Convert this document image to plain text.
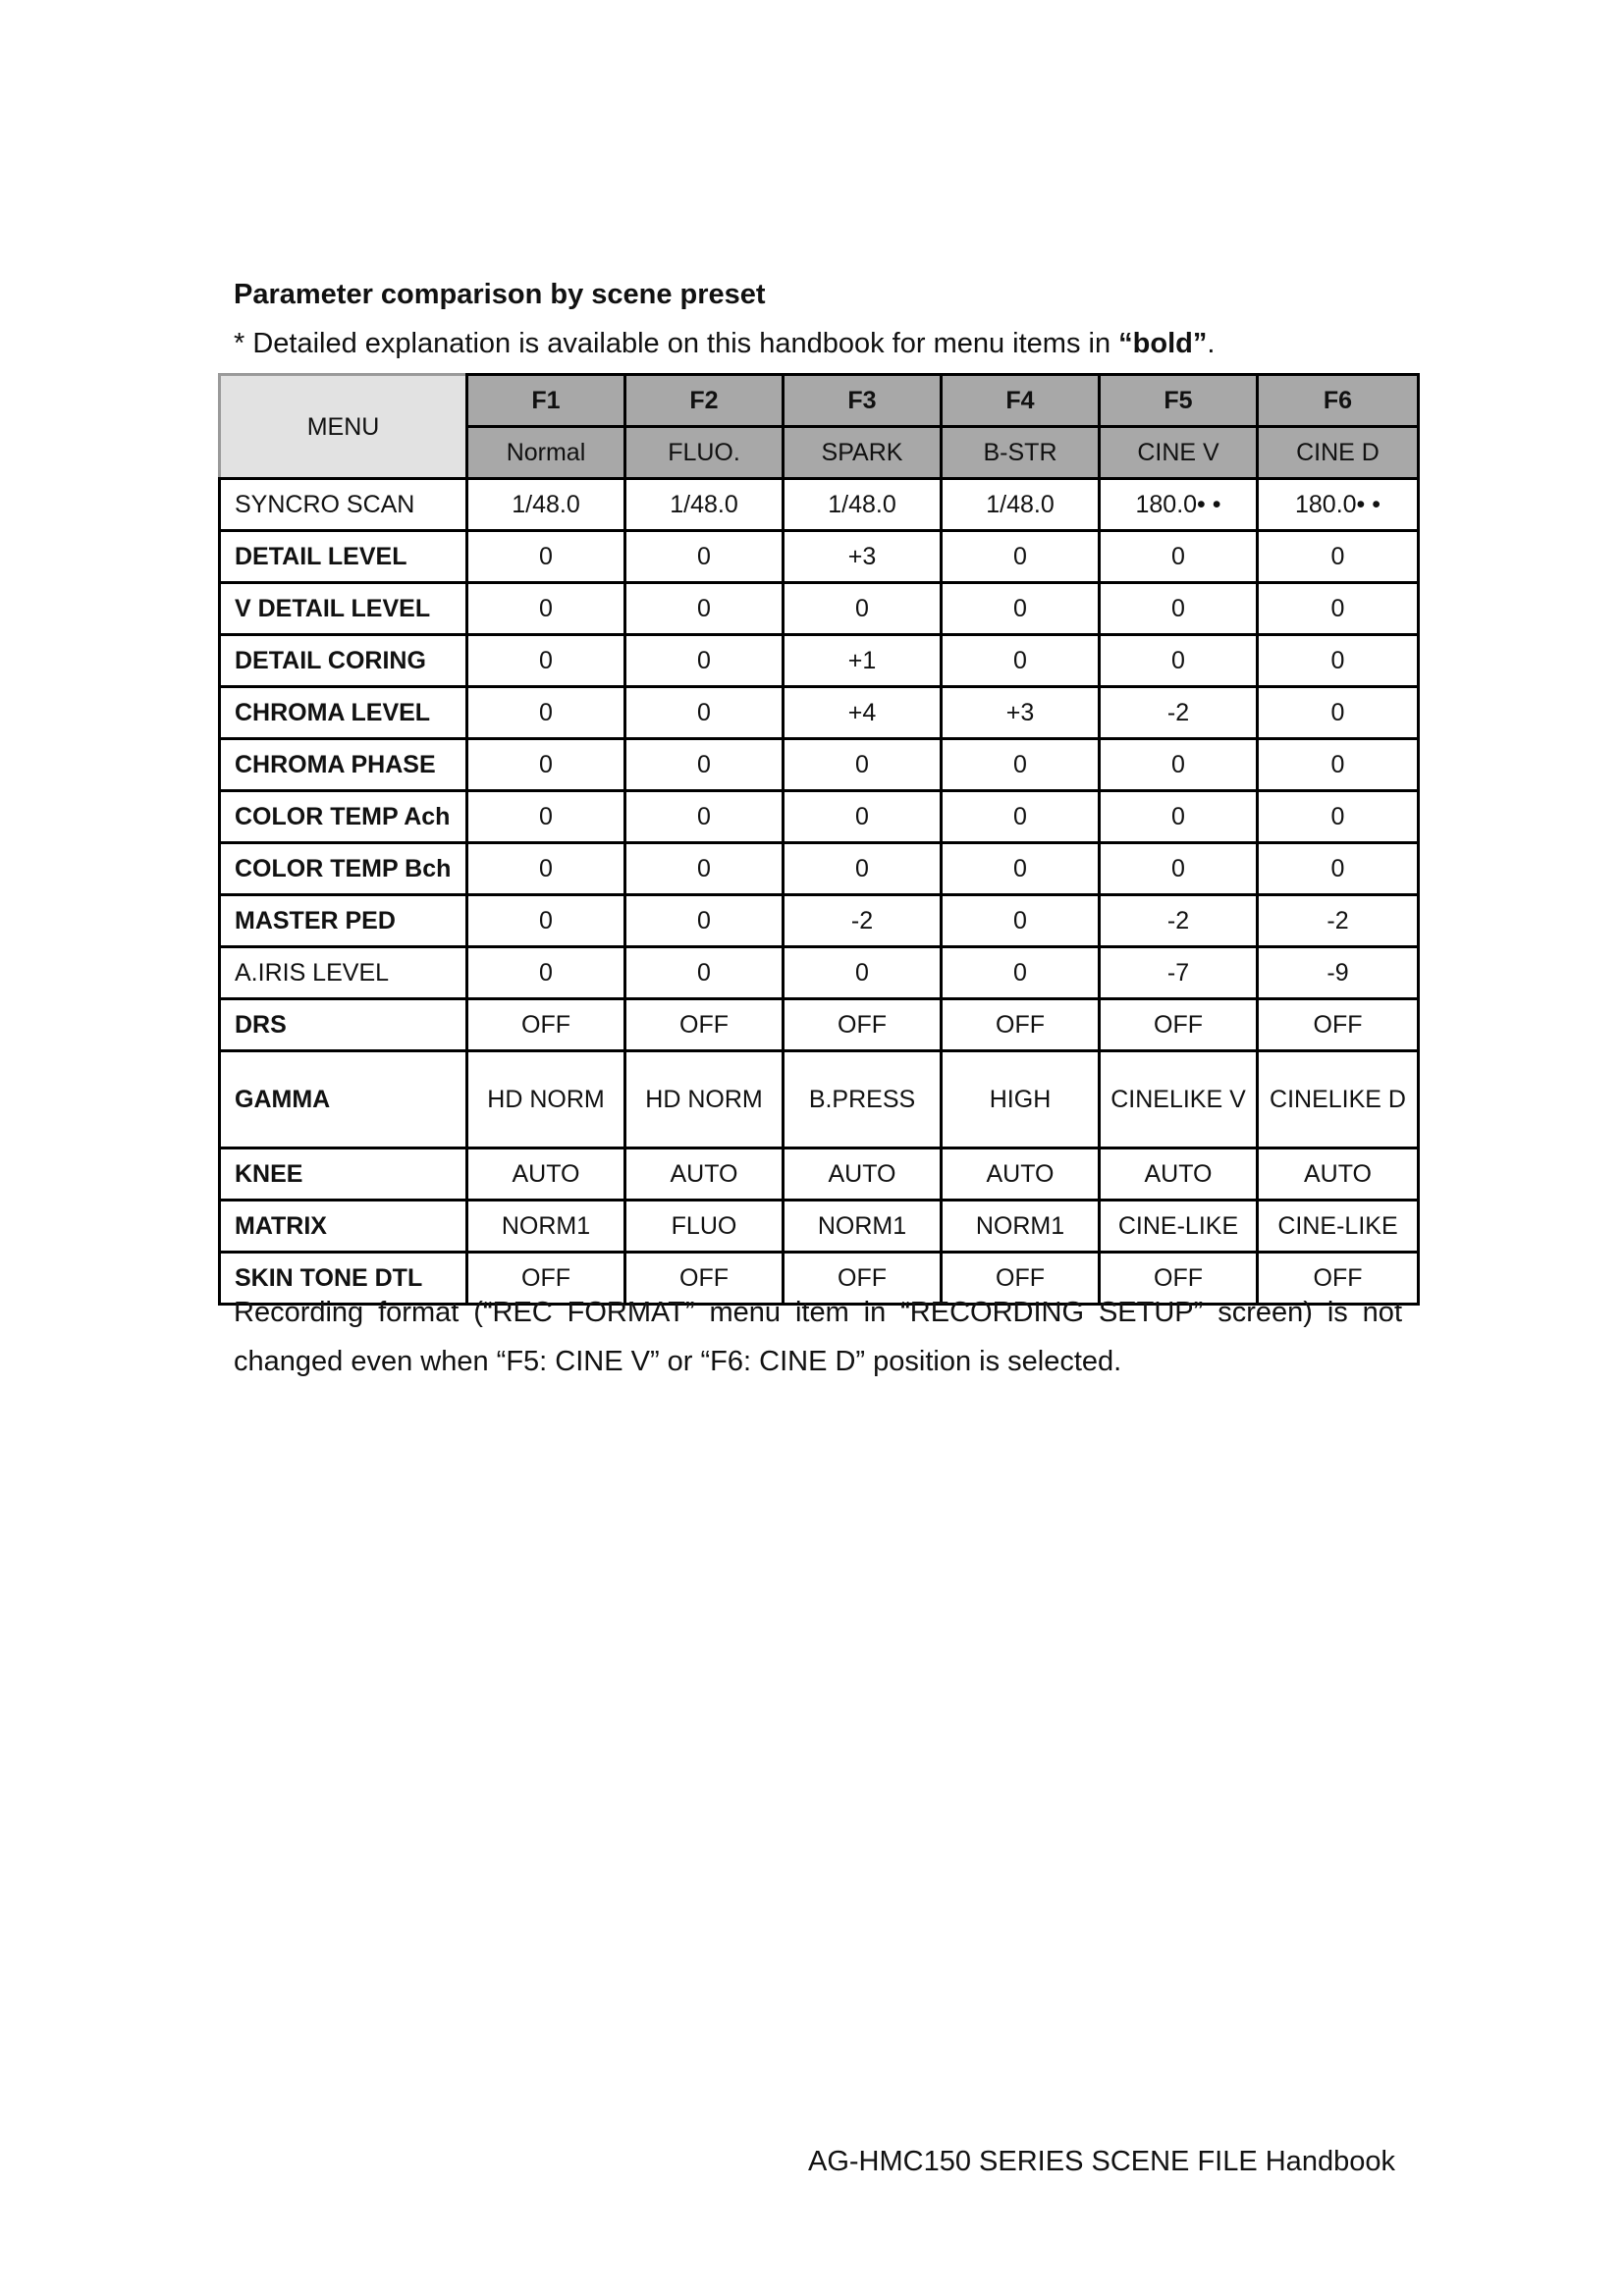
Parameter comparison by scene preset
* Detailed explanation is available on this handbook for menu items in “bold”.
MENU	F1	F2	F3	F4	F5	F6
	Normal	FLUO.	SPARK	B-STR	CINE V	CINE D
SYNCRO SCAN	1/48.0	1/48.0	1/48.0	1/48.0	180.0• •	180.0• •
DETAIL LEVEL	0	0	+3	0	0	0
V DETAIL LEVEL	0	0	0	0	0	0
DETAIL CORING	0	0	+1	0	0	0
CHROMA LEVEL	0	0	+4	+3	-2	0
CHROMA PHASE	0	0	0	0	0	0
COLOR TEMP Ach	0	0	0	0	0	0
COLOR TEMP Bch	0	0	0	0	0	0
MASTER PED	0	0	-2	0	-2	-2
A.IRIS LEVEL	0	0	0	0	-7	-9
DRS	OFF	OFF	OFF	OFF	OFF	OFF
GAMMA	HD NORM	HD NORM	B.PRESS	HIGH	CINELIKE V	CINELIKE D
KNEE	AUTO	AUTO	AUTO	AUTO	AUTO	AUTO
MATRIX	NORM1	FLUO	NORM1	NORM1	CINE-LIKE	CINE-LIKE
SKIN TONE DTL	OFF	OFF	OFF	OFF	OFF	OFF
Recording format (“REC FORMAT” menu item in “RECORDING SETUP” screen) is not changed even when “F5: CINE V” or “F6: CINE D” position is selected.
AG-HMC150 SERIES SCENE FILE Handbook
